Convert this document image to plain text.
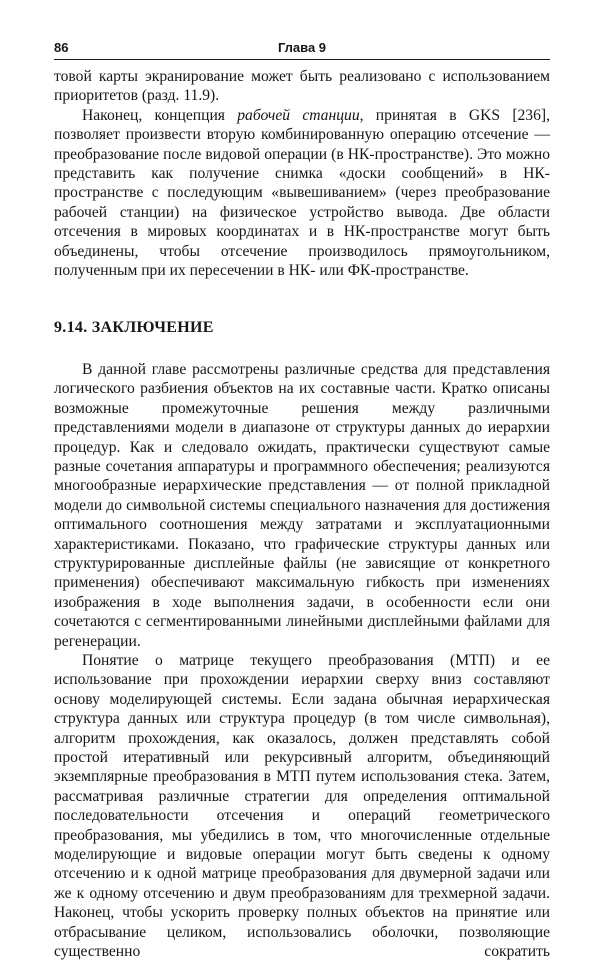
86	Глава 9

товой карты экранирование может быть реализовано с использованием приоритетов (разд. 11.9).

Наконец, концепция рабочей станции, принятая в GKS [236], позволяет произвести вторую комбинированную операцию отсечение — преобразование после видовой операции (в НК-пространстве). Это можно представить как получение снимка «доски сообщений» в НК-пространстве с последующим «вывешиванием» (через преобразование рабочей станции) на физическое устройство вывода. Две области отсечения в мировых координатах и в НК-пространстве могут быть объединены, чтобы отсечение производилось прямоугольником, полученным при их пересечении в НК- или ФК-пространстве.

9.14. ЗАКЛЮЧЕНИЕ

В данной главе рассмотрены различные средства для представления логического разбиения объектов на их составные части. Кратко описаны возможные промежуточные решения между различными представлениями модели в диапазоне от структуры данных до иерархии процедур. Как и следовало ожидать, практически существуют самые разные сочетания аппаратуры и программного обеспечения; реализуются многообразные иерархические представления — от полной прикладной модели до символьной системы специального назначения для достижения оптимального соотношения между затратами и эксплуатационными характеристиками. Показано, что графические структуры данных или структурированные дисплейные файлы (не зависящие от конкретного применения) обеспечивают максимальную гибкость при изменениях изображения в ходе выполнения задачи, в особенности если они сочетаются с сегментированными линейными дисплейными файлами для регенерации.

Понятие о матрице текущего преобразования (МТП) и ее использование при прохождении иерархии сверху вниз составляют основу моделирующей системы. Если задана обычная иерархическая структура данных или структура процедур (в том числе символьная), алгоритм прохождения, как оказалось, должен представлять собой простой итеративный или рекурсивный алгоритм, объединяющий экземплярные преобразования в МТП путем использования стека. Затем, рассматривая различные стратегии для определения оптимальной последовательности отсечения и операций геометрического преобразования, мы убедились в том, что многочисленные отдельные моделирующие и видовые операции могут быть сведены к одному отсечению и к одной матрице преобразования для двумерной задачи или же к одному отсечению и двум преобразованиям для трехмерной задачи. Наконец, чтобы ускорить проверку полных объектов на принятие или отбрасывание целиком, использовались оболочки, позволяющие существенно сократить
